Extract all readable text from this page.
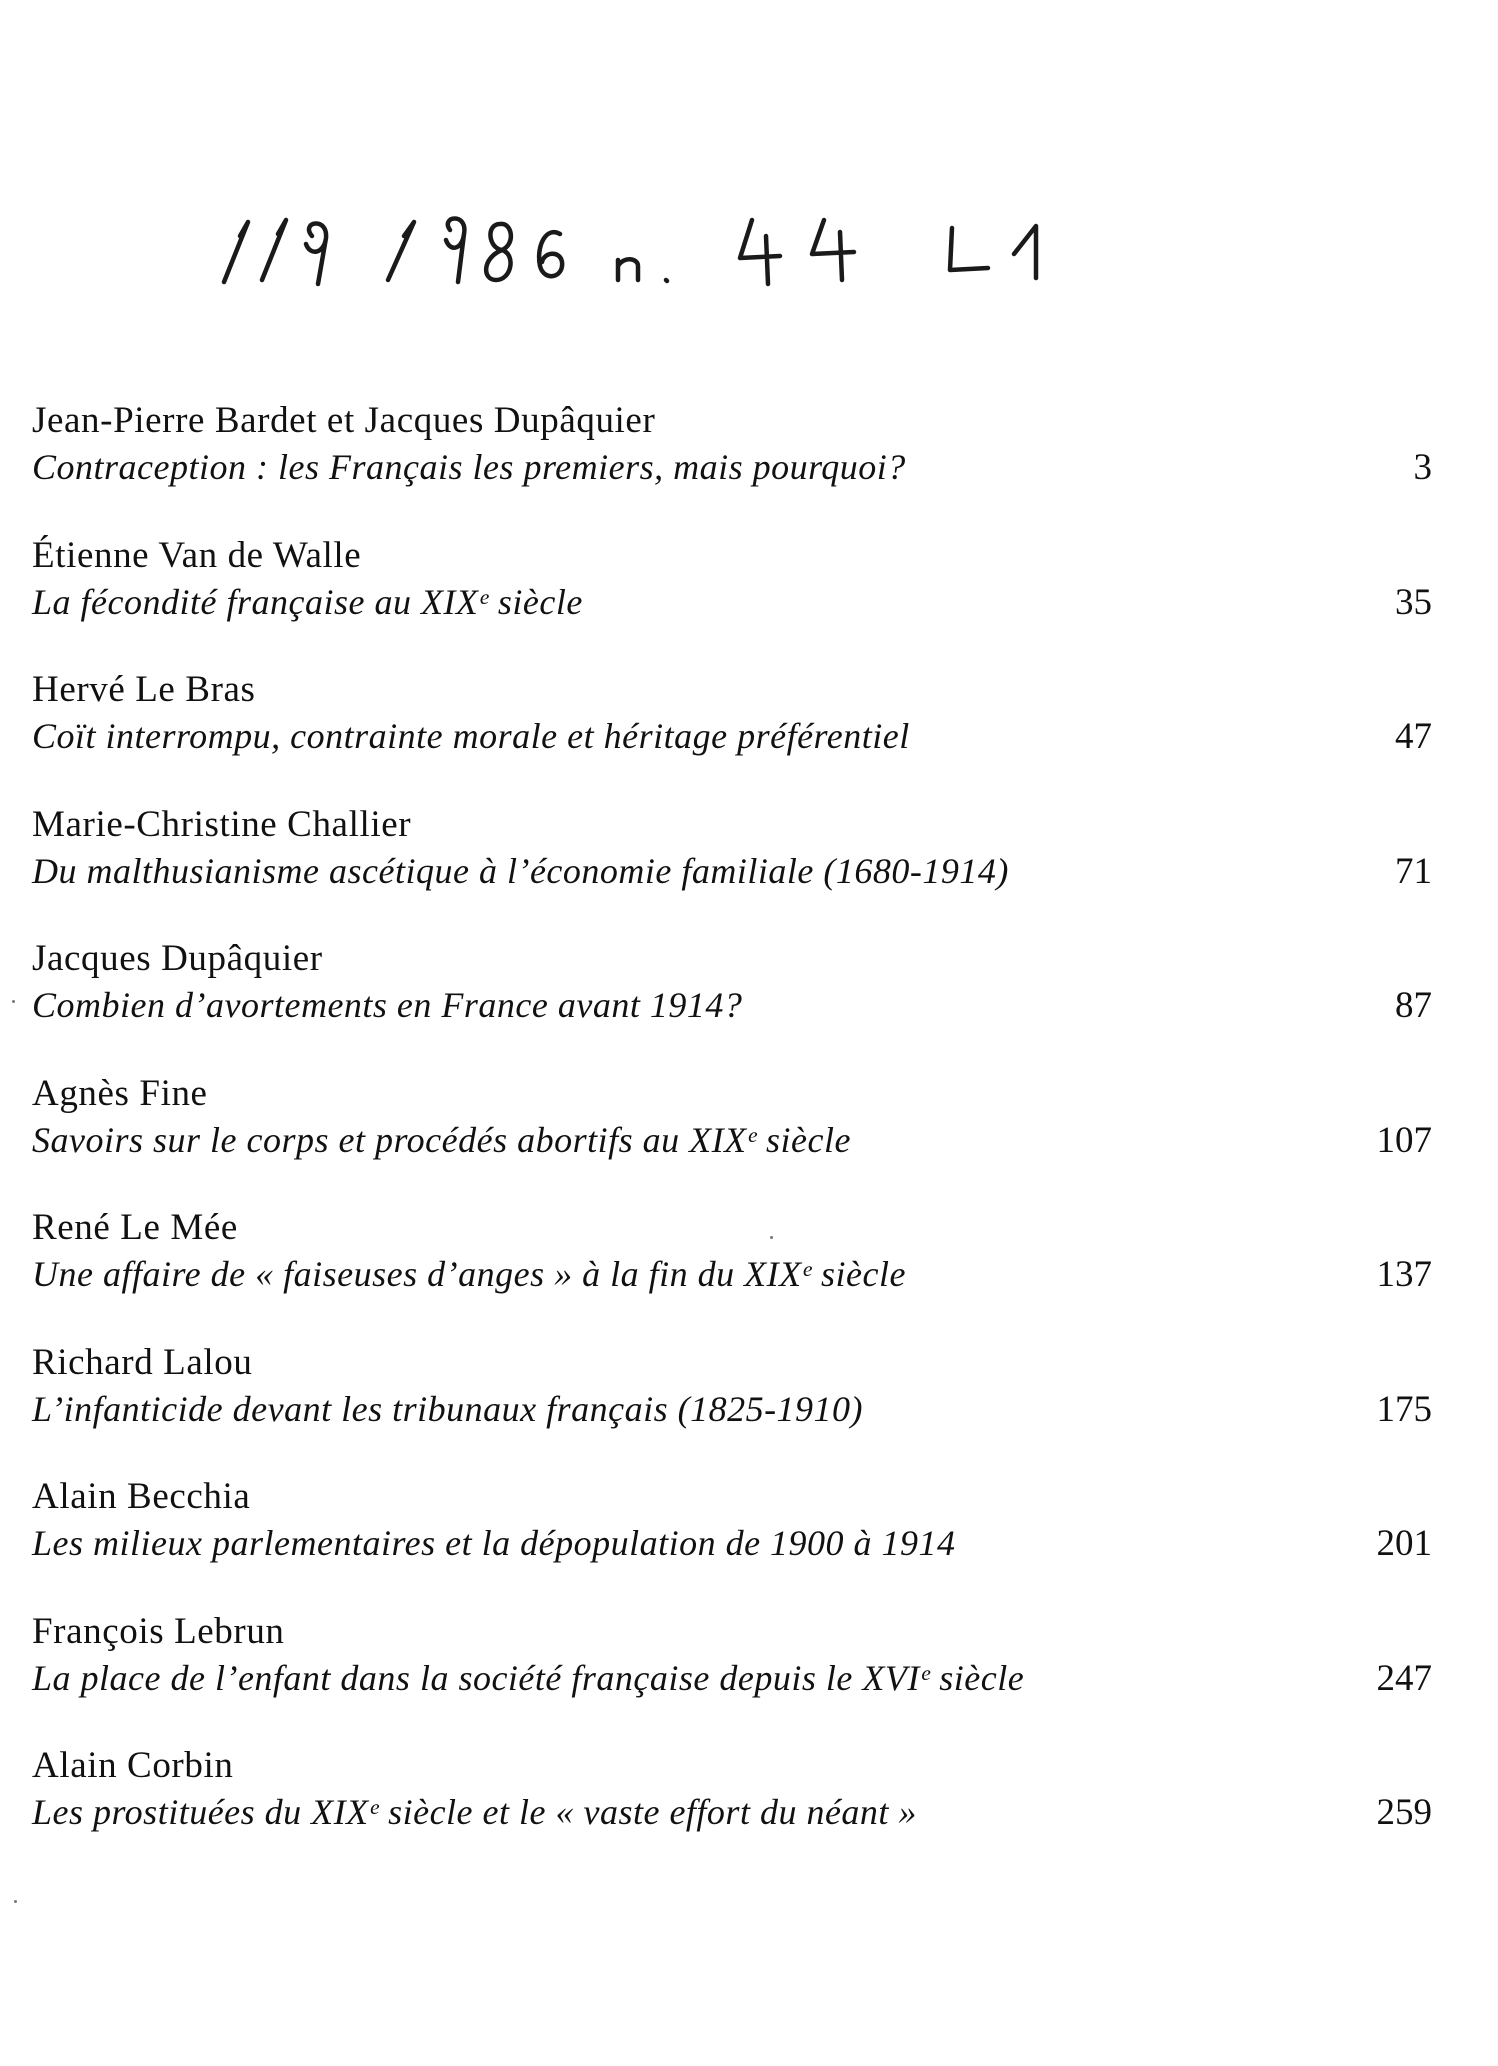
Jean-Pierre Bardet et Jacques Dupâquier
Contraception : les Français les premiers, mais pourquoi?	3
Étienne Van de Walle
La fécondité française au XIXᵉ siècle	35
Hervé Le Bras
Coït interrompu, contrainte morale et héritage préférentiel	47
Marie-Christine Challier
Du malthusianisme ascétique à l’économie familiale (1680-1914)	71
Jacques Dupâquier
Combien d’avortements en France avant 1914?	87
Agnès Fine
Savoirs sur le corps et procédés abortifs au XIXᵉ siècle	107
René Le Mée
Une affaire de « faiseuses d’anges » à la fin du XIXᵉ siècle	137
Richard Lalou
L’infanticide devant les tribunaux français (1825-1910)	175
Alain Becchia
Les milieux parlementaires et la dépopulation de 1900 à 1914	201
François Lebrun
La place de l’enfant dans la société française depuis le XVIᵉ siècle	247
Alain Corbin
Les prostituées du XIXᵉ siècle et le « vaste effort du néant »	259
